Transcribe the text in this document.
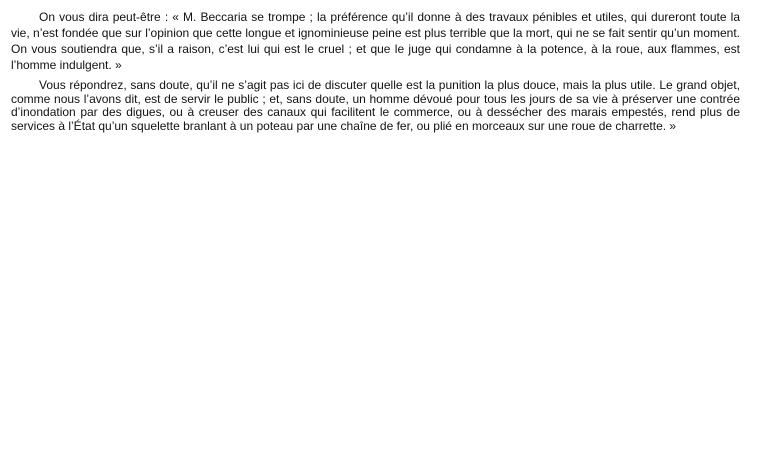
On vous dira peut-être : « M. Beccaria se trompe ; la préférence qu’il donne à des travaux pénibles et utiles, qui dureront toute la vie, n’est fondée que sur l’opinion que cette longue et ignominieuse peine est plus terrible que la mort, qui ne se fait sentir qu’un moment. On vous soutiendra que, s’il a raison, c’est lui qui est le cruel ; et que le juge qui condamne à la potence, à la roue, aux flammes, est l’homme indulgent. »

Vous répondrez, sans doute, qu’il ne s’agit pas ici de discuter quelle est la punition la plus douce, mais la plus utile. Le grand objet, comme nous l’avons dit, est de servir le public ; et, sans doute, un homme dévoué pour tous les jours de sa vie à préserver une contrée d’inondation par des digues, ou à creuser des canaux qui facilitent le commerce, ou à dessécher des marais empestés, rend plus de services à l’État qu’un squelette branlant à un poteau par une chaîne de fer, ou plié en morceaux sur une roue de charrette. »
